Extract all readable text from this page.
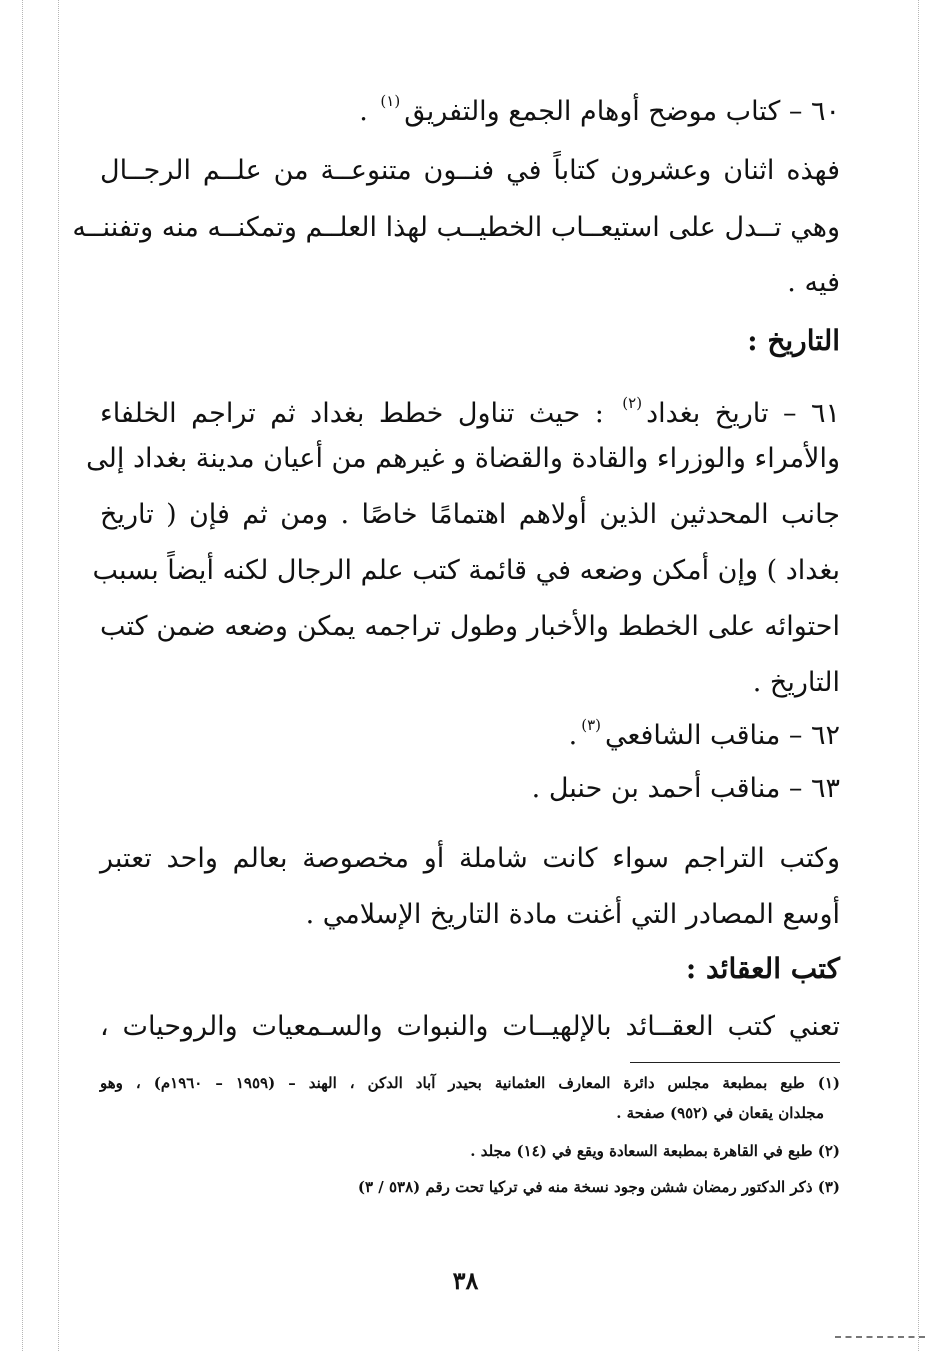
٦٠ – كتاب موضح أوهام الجمع والتفريق$^{(١)}$ .
فهذه اثنان وعشرون كتاباً في فنــون متنوعــة من علــم الرجــال
وهي تــدل على استيعــاب الخطيــب لهذا العلــم وتمكنــه منه وتفننــه
فيه .
التاريخ :
٦١ – تاريخ بغداد$^{(٢)}$ : حيث تناول خطط بغداد ثم تراجم الخلفاء
والأمراء والوزراء والقادة والقضاة و غيرهم من أعيان مدينة بغداد إلى
جانب المحدثين الذين أولاهم اهتمامًا خاصًا . ومن ثم فإن ( تاريخ
بغداد ) وإن أمكن وضعه في قائمة كتب علم الرجال لكنه أيضاً بسبب
احتوائه على الخطط والأخبار وطول تراجمه يمكن وضعه ضمن كتب
التاريخ .
٦٢ – مناقب الشافعي$^{(٣)}$.
٦٣ – مناقب أحمد بن حنبل .
وكتب التراجم سواء كانت شاملة أو مخصوصة بعالم واحد تعتبر
أوسع المصادر التي أغنت مادة التاريخ الإسلامي .
كتب العقائد :
تعني كتب العقــائد بالإلهيــات والنبوات والسـمعيات والروحيات ،
(١) طبع بمطبعة مجلس دائرة المعارف العثمانية بحيدر آباد الدكن ، الهند – (١٩٥٩ – ١٩٦٠م) ، وهو
مجلدان يقعان في (٩٥٢) صفحة .
(٢) طبع في القاهرة بمطبعة السعادة ويقع في (١٤) مجلد .
(٣) ذكر الدكتور رمضان ششن وجود نسخة منه في تركيا تحت رقم (٥٣٨ / ٣)
٣٨
